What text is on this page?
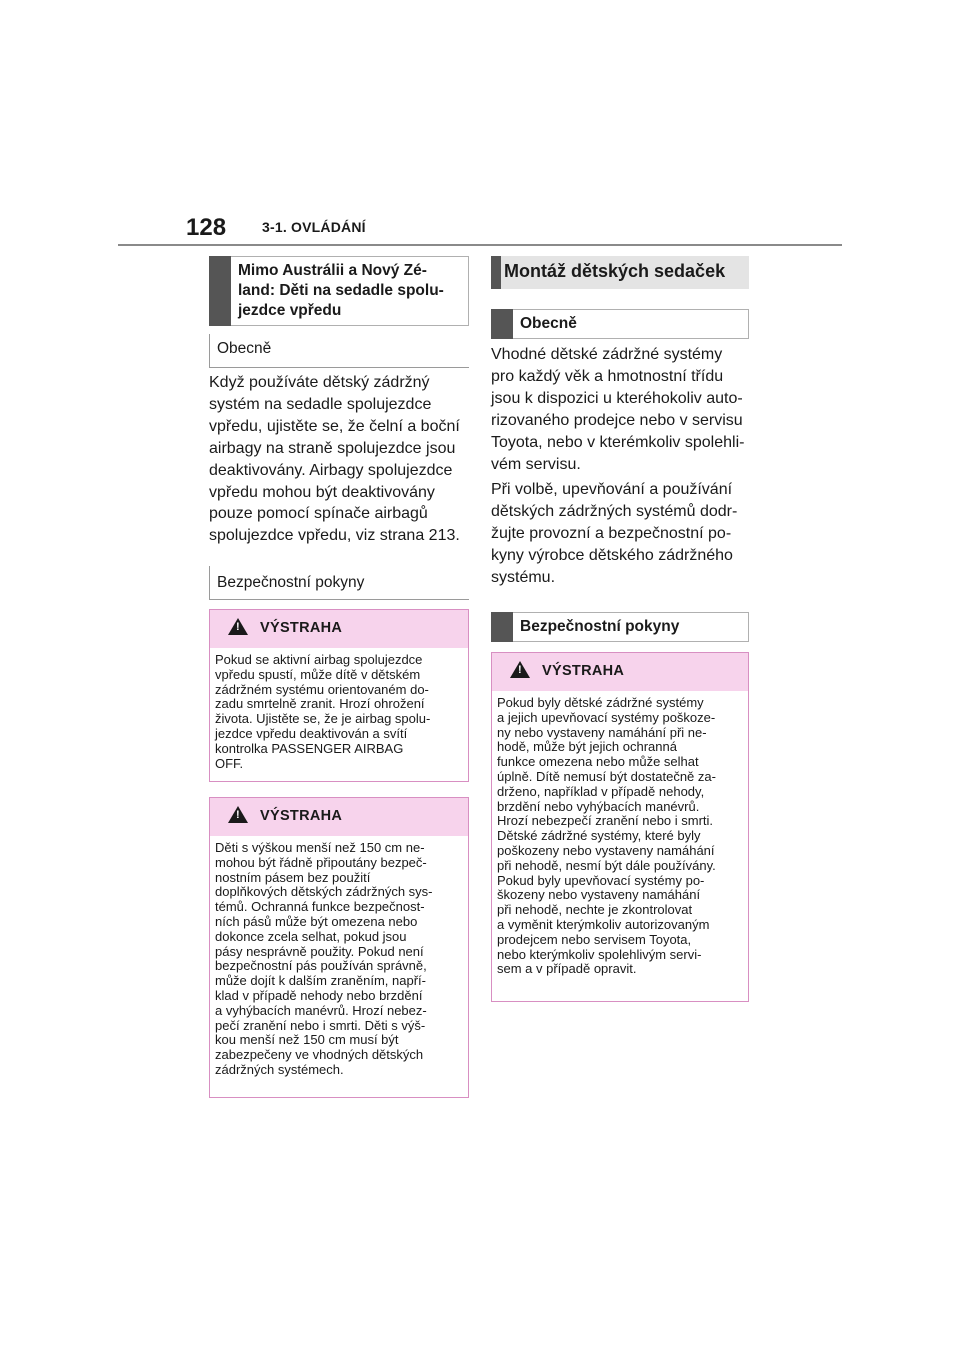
128	3-1. OVLÁDÁNÍ
Mimo Austrálii a Nový Zé-
land: Děti na sedadle spolu-
jezdce vpředu
Obecně

Když používáte dětský zádržný
systém na sedadle spolujezdce
vpředu, ujistěte se, že čelní a boční
airbagy na straně spolujezdce jsou
deaktivovány. Airbagy spolujezdce
vpředu mohou být deaktivovány
pouze pomocí spínače airbagů
spolujezdce vpředu, viz strana 213.

Bezpečnostní pokyny
! VÝSTRAHA
Pokud se aktivní airbag spolujezdce
vpředu spustí, může dítě v dětském
zádržném systému orientovaném do-
zadu smrtelně zranit. Hrozí ohrožení
života. Ujistěte se, že je airbag spolu-
jezdce vpředu deaktivován a svítí
kontrolka PASSENGER AIRBAG
OFF.
! VÝSTRAHA
Děti s výškou menší než 150 cm ne-
mohou být řádně připoutány bezpeč-
nostním pásem bez použití
doplňkových dětských zádržných sys-
témů. Ochranná funkce bezpečnost-
ních pásů může být omezena nebo
dokonce zcela selhat, pokud jsou
pásy nesprávně použity. Pokud není
bezpečnostní pás používán správně,
může dojít k dalším zraněním, napří-
klad v případě nehody nebo brzdění
a vyhýbacích manévrů. Hrozí nebez-
pečí zranění nebo i smrti. Děti s výš-
kou menší než 150 cm musí být
zabezpečeny ve vhodných dětských
zádržných systémech.
Montáž dětských sedaček
Obecně

Vhodné dětské zádržné systémy
pro každý věk a hmotnostní třídu
jsou k dispozici u kteréhokoliv auto-
rizovaného prodejce nebo v servisu
Toyota, nebo v kterémkoliv spolehli-
vém servisu.

Při volbě, upevňování a používání
dětských zádržných systémů dodr-
žujte provozní a bezpečnostní po-
kyny výrobce dětského zádržného
systému.

Bezpečnostní pokyny
! VÝSTRAHA
Pokud byly dětské zádržné systémy
a jejich upevňovací systémy poškoze-
ny nebo vystaveny namáhání při ne-
hodě, může být jejich ochranná
funkce omezena nebo může selhat
úplně. Dítě nemusí být dostatečně za-
drženo, například v případě nehody,
brzdění nebo vyhýbacích manévrů.
Hrozí nebezpečí zranění nebo i smrti.
Dětské zádržné systémy, které byly
poškozeny nebo vystaveny namáhání
při nehodě, nesmí být dále používány.
Pokud byly upevňovací systémy po-
škozeny nebo vystaveny namáhání
při nehodě, nechte je zkontrolovat
a vyměnit kterýmkoliv autorizovaným
prodejcem nebo servisem Toyota,
nebo kterýmkoliv spolehlivým servi-
sem a v případě opravit.
